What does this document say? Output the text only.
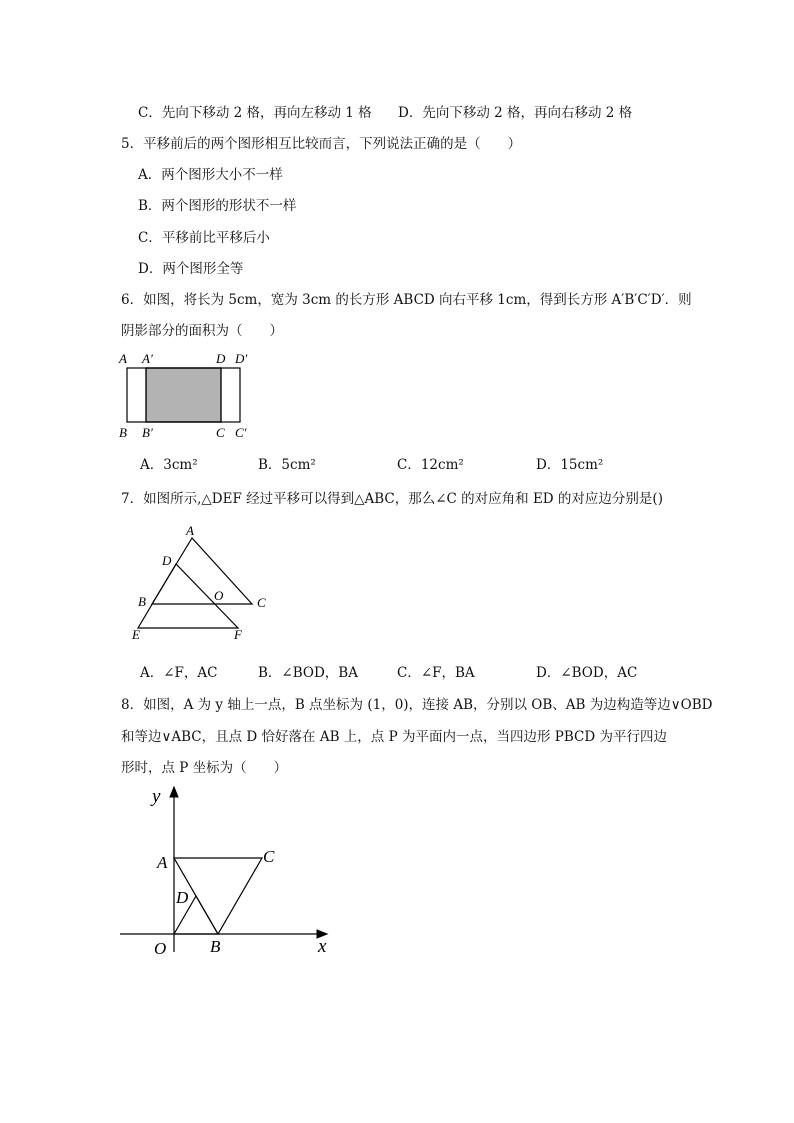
C．先向下移动 2 格，再向左移动 1 格 D．先向下移动 2 格，再向右移动 2 格
5．平移前后的两个图形相互比较而言，下列说法正确的是（　　）
A．两个图形大小不一样
B．两个图形的形状不一样
C．平移前比平移后小
D．两个图形全等
6．如图，将长为 5cm，宽为 3cm 的长方形 ABCD 向右平移 1cm，得到长方形 A′B′C′D′．则
阴影部分的面积为（　　）
A A′	D D′
B B′	C C′
A．3cm²	B．5cm²	C．12cm²	D．15cm²
7．如图所示,△DEF 经过平移可以得到△ABC，那么∠C 的对应角和 ED 的对应边分别是()
A
D
B	O	C
E	F
A．∠F，AC	B．∠BOD，BA	C．∠F，BA	D．∠BOD，AC
8．如图，A 为 y 轴上一点，B 点坐标为 (1，0)，连接 AB，分别以 OB、AB 为边构造等边∨OBD
和等边∨ABC，且点 D 恰好落在 AB 上，点 P 为平面内一点，当四边形 PBCD 为平行四边
形时，点 P 坐标为（　　）
y
A	C
D
O	B	x
